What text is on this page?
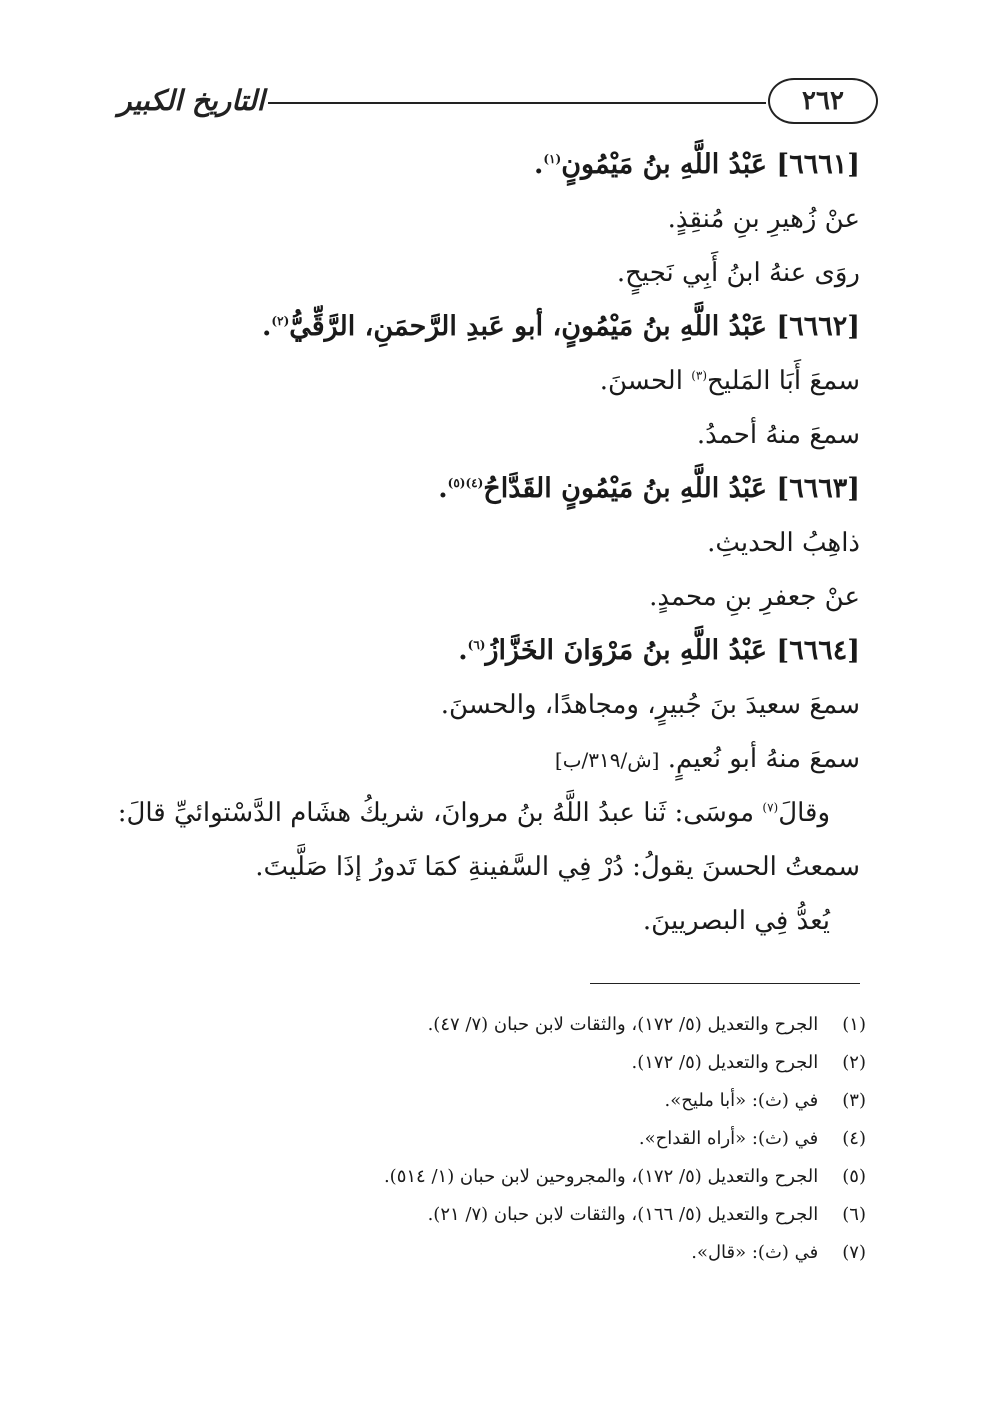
التاريخ الكبير	٢٦٢
[٦٦٦١] عَبْدُ اللَّهِ بنُ مَيْمُونٍ$^{(١)}$.
عنْ زُهيرِ بنِ مُنقِذٍ.
روَى عنهُ ابنُ أَبِي نَجيحٍ.
[٦٦٦٢] عَبْدُ اللَّهِ بنُ مَيْمُونٍ، أبو عَبدِ الرَّحمَنِ، الرَّقِّيُّ$^{(٢)}$.
سمعَ أَبَا المَليح$^{(٣)}$ الحسنَ.
سمعَ منهُ أحمدُ.
[٦٦٦٣] عَبْدُ اللَّهِ بنُ مَيْمُونٍ القَدَّاحُ$^{(٤)(٥)}$.
ذاهِبُ الحديثِ.
عنْ جعفرِ بنِ محمدٍ.
[٦٦٦٤] عَبْدُ اللَّهِ بنُ مَرْوَانَ الخَزَّازُ$^{(٦)}$.
سمعَ سعيدَ بنَ جُبيرٍ، ومجاهدًا، والحسنَ.
سمعَ منهُ أبو نُعيمٍ. [ش/٣١٩/ب]
وقالَ$^{(٧)}$ موسَى: ثَنا عبدُ اللَّهُ بنُ مروانَ، شريكُ هشَام الدَّسْتوائيِّ قالَ:
سمعتُ الحسنَ يقولُ: دُرْ فِي السَّفينةِ كمَا تَدورُ إذَا صَلَّيتَ.
يُعدُّ فِي البصريينَ.
(١) الجرح والتعديل (٥/ ١٧٢)، والثقات لابن حبان (٧/ ٤٧).
(٢) الجرح والتعديل (٥/ ١٧٢).
(٣) في (ث): «أبا مليح».
(٤) في (ث): «أراه القداح».
(٥) الجرح والتعديل (٥/ ١٧٢)، والمجروحين لابن حبان (١/ ٥١٤).
(٦) الجرح والتعديل (٥/ ١٦٦)، والثقات لابن حبان (٧/ ٢١).
(٧) في (ث): «قال».
